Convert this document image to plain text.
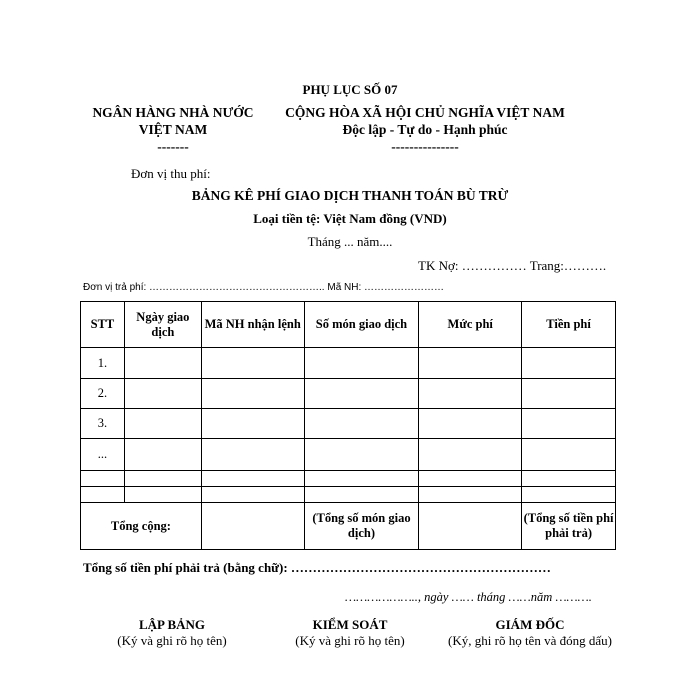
PHỤ LỤC SỐ 07
NGÂN HÀNG NHÀ NƯỚC
VIỆT NAM
-------
CỘNG HÒA XÃ HỘI CHỦ NGHĨA VIỆT NAM
Độc lập - Tự do - Hạnh phúc
---------------
Đơn vị thu phí:
BẢNG KÊ PHÍ GIAO DỊCH THANH TOÁN BÙ TRỪ
Loại tiền tệ: Việt Nam đồng (VND)
Tháng ... năm....
TK Nợ: …………… Trang:……….
Đơn vị trả phí: …………………………………………….. Mã NH: ……………………
STT	Ngày giao dịch	Mã NH nhận lệnh	Số món giao dịch	Mức phí	Tiền phí
1.					
2.					
3.					
...					

Tổng cộng:			(Tổng số món giao dịch)		(Tổng số tiền phí phải trả)
Tổng số tiền phí phải trả (bằng chữ): ……………………………………………………
……………….., ngày …… tháng ……năm ……….
LẬP BẢNG
(Ký và ghi rõ họ tên)
KIỂM SOÁT
(Ký và ghi rõ họ tên)
GIÁM ĐỐC
(Ký, ghi rõ họ tên và đóng dấu)
